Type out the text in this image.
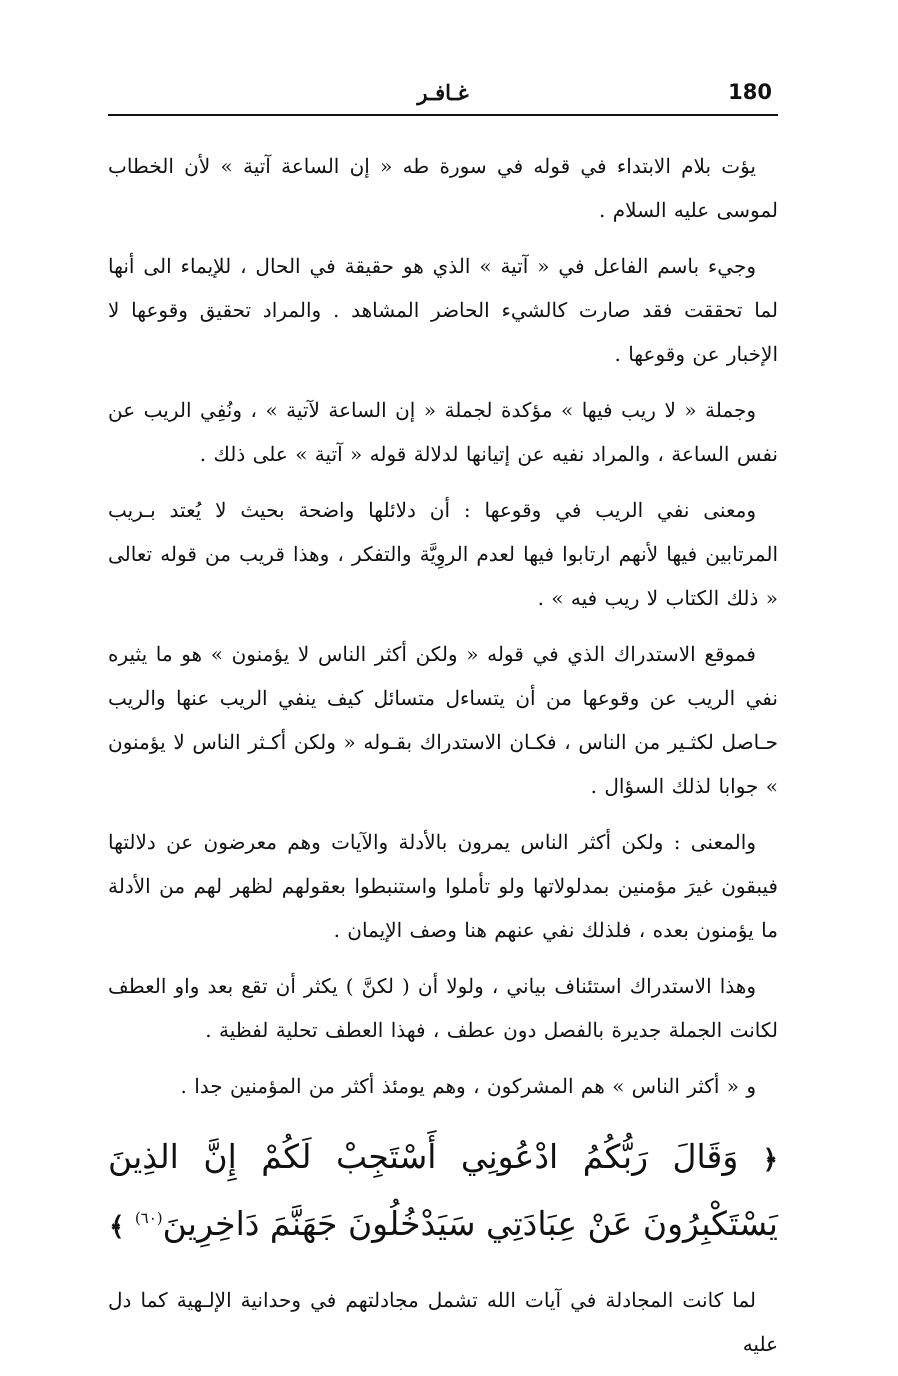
180
غـافـر

يؤت بلام الابتداء في قوله في سورة طه « إن الساعة آتية » لأن الخطاب لموسى عليه السلام .

وجيء باسم الفاعل في « آتية » الذي هو حقيقة في الحال ، للإيماء الى أنها لما تحققت فقد صارت كالشيء الحاضر المشاهد . والمراد تحقيق وقوعها لا الإخبار عن وقوعها .

وجملة « لا ريب فيها » مؤكدة لجملة « إن الساعة لآتية » ، ونُفِي الريب عن نفس الساعة ، والمراد نفيه عن إتيانها لدلالة قوله « آتية » على ذلك .

ومعنى نفي الريب في وقوعها : أن دلائلها واضحة بحيث لا يُعتد بـريب المرتابين فيها لأنهم ارتابوا فيها لعدم الروِيَّة والتفكر ، وهذا قريب من قوله تعالى « ذلك الكتاب لا ريب فيه » .

فموقع الاستدراك الذي في قوله « ولكن أكثر الناس لا يؤمنون » هو ما يثيره نفي الريب عن وقوعها من أن يتساءل متسائل كيف ينفي الريب عنها والريب حـاصل لكثـير من الناس ، فكـان الاستدراك بقـوله « ولكن أكـثر الناس لا يؤمنون » جوابا لذلك السؤال .

والمعنى : ولكن أكثر الناس يمرون بالأدلة والآيات وهم معرضون عن دلالتها فيبقون غيرَ مؤمنين بمدلولاتها ولو تأملوا واستنبطوا بعقولهم لظهر لهم من الأدلة ما يؤمنون بعده ، فلذلك نفي عنهم هنا وصف الإيمان .

وهذا الاستدراك استئناف بياني ، ولولا أن ( لكنَّ ) يكثر أن تقع بعد واو العطف لكانت الجملة جديرة بالفصل دون عطف ، فهذا العطف تحلية لفظية .

و « أكثر الناس » هم المشركون ، وهم يومئذ أكثر من المؤمنين جدا .

﴿ وَقَالَ رَبُّكُمُ ادْعُونِي أَسْتَجِبْ لَكُمْ إِنَّ الذِينَ يَسْتَكْبِرُونَ عَنْ عِبَادَتِي سَيَدْخُلُونَ جَهَنَّمَ دَاخِرِينَ$^{(٦٠)}$ ﴾

لما كانت المجادلة في آيات الله تشمل مجادلتهم في وحدانية الإلـهية كما دل عليه
